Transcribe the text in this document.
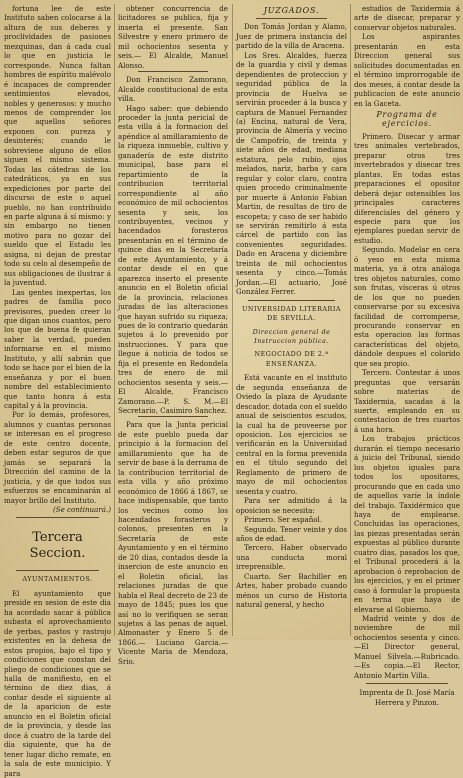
fortuna lee de este Instituto saben colocarse á la altura de sus deberes y proclividades de pasiones mezquinas, dan á cada cual lo que en justicia le corresponde. Nunca faltan hombres de espíritu malévolo é incapaces de comprender sentimientos elevados, nobles y generosos: y mucho menos de comprender los que aquellos señores exponen con pureza y desinterés; cuando le sobreviene alguno de ellos siguen el mismo sistema. Todas las cátedras de los catedráticos, ya en sus expediciones por parte del discurso de este o aquel pueblo, no han contribuido en parte alguna á sí mismo: y sin embargo no tienen motivo para no gozar del sueldo que el Estado les asigna, ni dejan de prestar todo su celo al desempeño de sus obligaciones de ilustrar á la juventud.

Las gentes inexpertas, los padres de familia poco previsores, pueden creer lo que digan unos cuantos, pero los que de buena fe quieran saber la verdad, pueden informarse en el mismo Instituto, y allí sabrán que todo se hace por el bien de la enseñanza y por el buen nombre del establecimiento que tanto honra á esta capital y á la provincia.

Por lo demás, profesores, alumnos y cuantas personas se interesan en el progreso de este centro docente, deben estar seguros de que jamás se separará la Dirección del camino de la justicia, y de que todos sus esfuerzos se encaminarán al mayor brillo del Instituto.

(Se continuará.)

Tercera Seccion.
AYUNTAMIENTOS.

El ayuntamiento que preside en sesion de este dia ha acordado sacar á pública subasta el aprovechamiento de yerbas, pastos y rastrojo existentes en la dehesa de estos propios, bajo el tipo y condiciones que constan del pliego de condiciones que se halla de manifiesto, en el término de diez dias, á contar desde el siguiente al de la aparicion de este anuncio en el Boletin oficial de la provincia, y desde las doce á cuatro de la tarde del dia siguiente, que ha de tener lugar dicho remate, en la sala de este municipio. Y para

obtener concurrencia de licitadores se publica, fija y inserta el presente. San Silvestre y enero primero de mil ochocientos sesenta y seis.— El Alcalde, Manuel Alonso.

Don Francisco Zamorano, Alcalde constitucional de esta villa.

Hago saber: que debiendo proceder la junta pericial de esta villa á la formacion del apéndice al amillaramiento de la riqueza inmueble, cultivo y ganadería de este distrito municipal, base para el repartimiento de la contribucion territorial correspondiente al año económico de mil ochocientos sesenta y seis, los contribuyentes, vecinos y hacendados forasteros presentarán en el término de quince dias en la Secretaría de este Ayuntamiento, y á contar desde el en que aparezca inserto el presente anuncio en el Boletin oficial de la provincia, relaciones juradas de las alteraciones que hayan sufrido su riqueza; pues de lo contrario quedarán sujetos á lo prevenido por instrucciones. Y para que llegue á noticia de todos se fija el presente en Redondela tres de enero de mil ochocientos sesenta y seis.— El Alcalde, Francisco Zamorano.—P. S. M.—El Secretario, Casimiro Sanchez.

Para que la Junta pericial de este pueblo pueda dar principio á la formacion del amillaramiento que ha de servir de base á la derrama de la contribucion territorial de esta villa y año próximo económico de 1866 á 1867, se hace indispensable, que tanto los vecinos como los hacendados forasteros y colonos, presenten en la Secretaría de este Ayuntamiento y en el término de 20 dias, contados desde la insercion de este anuncio en el Boletin oficial, las relaciones juradas de que habla el Real decreto de 23 de mayo de 1845; pues los que así no lo verifiquen se seran sujetos á las penas de aquel. Almonaster y Enero 5 de 1866.— Luciano Garcia.—Vicente Maria de Mendoza, Srio.

JUZGADOS.

Don Tomás Jordan y Alamo, Juez de primera instancia del partido de la villa de Aracena.

Los Sres. Alcaldes, fuerza de la guardia y civil y demas dependientes de proteccion y seguridad pública de la provincia de Huelva se servirán proceder á la busca y captura de Manuel Fernandez (a) Encina, natural de Vera, provincia de Almería y vecino de Campofrío, de treinta y siete años de edad, mediana estatura, pelo rubio, ojos melados, nariz, barba y cara regular y color claro, contra quien procedo criminalmente por muerte á Antonio Fabian Martin, de resultas de tiro de escopeta; y caso de ser habido se servirán remitirlo á esta cárcel de partido con las convenientes seguridades. Dado en Aracena y diciembre treinta de mil ochocientos sesenta y cinco.—Tomás Jordan.—El actuario, José González Ferrer.

UNIVERSIDAD LITERARIA DE SEVILLA.
Direccion general de Instruccion pública.
NEGOCIADO DE 2.ª ENSEÑANZA.

Está vacante en el instituto de segunda enseñanza de Oviedo la plaza de Ayudante descador, dotada con el sueldo anual de seiscientos escudos, la cual ha de proveerse por oposicion. Los ejercicios se verificarán en la Universidad central en la forma prevenida en el título segundo del Reglamento de primero de mayo de mil ochocientos sesenta y cuatro.

Para ser admitido á la oposicion se necesita:

Primero. Ser español.

Segundo. Tener veinte y dos años de edad.

Tercero. Haber observado una conducta moral irreprensible.

Cuarto. Ser Bachiller en Artes, haber probado cuando ménos un curso de Historia natural general, y hecho

estudios de Taxidermia á arte de disecar, preparar y conservar objetos naturales.

Los aspirantes presentarán en esta Direccion general sus solicitudes documentadas en el término improrrogable de dos meses, á contar desde la publicacion de este anuncio en la Gaceta.

Programa de ejercicios.

Primero. Disecar y armar tres animales vertebrados, preparar otros tres invertebrados y disecar tres plantas. En todas estas preparaciones el opositor deberá dejar ostensibles los principales caracteres diferenciales del género y especie para que los ejemplares puedan servir de estudio.

Segundo. Modelar en cera ó yeso en esta misma materia, ya á otra análoga tres objetos naturales, como son frutas, vísceras ú otros de los que no pueden conservarse por su excesiva facilidad de corromperse, procurando conservar en esta operacion las formas características del objeto, dándole despues el colorido que sea propio.

Tercero. Contestar á unos preguntas que versarán sobre materias de Taxidermia, sacadas á la suerte, empleando en su contestacion de tres cuartos á una hora.

Los trabajos prácticos durarán el tiempo necesario á juicio del Tribunal, siendo los objetos iguales para todos los opositores, procurando que en cada uno de aquellos varíe la índole del trabajo. Taxidérmico que haya de emplearse. Concluidas las operaciones, las piezas presentadas serán expuestas al público durante cuatro dias, pasados los que, el Tribunal procederá á la aprobacion ó reprobacion de los ejercicios, y en el primer caso á formular la propuesta en terna que haya de elevarse al Gobierno.

Madrid veinte y dos de noviembre de mil ochocientos sesenta y cinco.—El Director general, Manuel Silvela.—Rubricado.—Es copia.—El Rector, Antonio Martin Villa.

Imprenta de D. José María Herrera y Pinzon.
